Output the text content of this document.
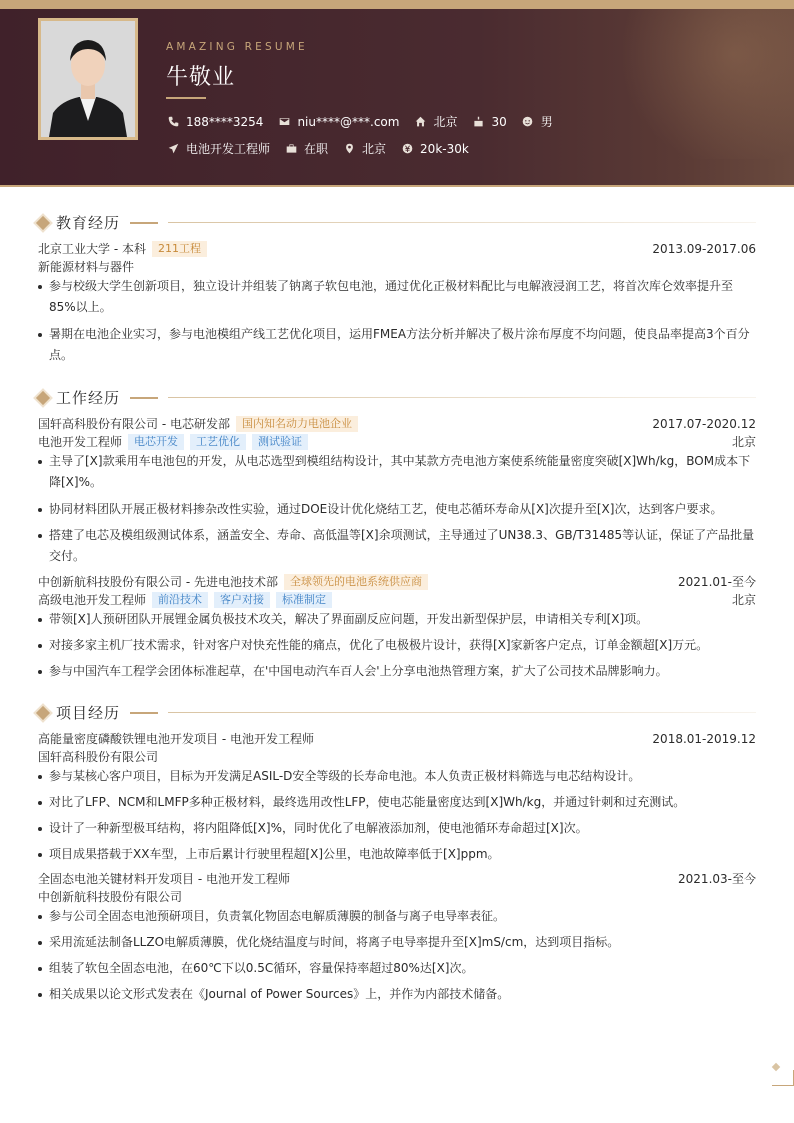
AMAZING RESUME
牛敬业
188****3254	niu****@***.com	北京	30	男
电池开发工程师	在职	北京	20k-30k
教育经历
北京工业大学 - 本科	211工程	2013.09-2017.06
新能源材料与器件
参与校级大学生创新项目，独立设计并组装了钠离子软包电池，通过优化正极材料配比与电解液浸润工艺，将首次库仑效率提升至85%以上。
暑期在电池企业实习，参与电池模组产线工艺优化项目，运用FMEA方法分析并解决了极片涂布厚度不均问题，使良品率提高3个百分点。
工作经历
国轩高科股份有限公司 - 电芯研发部	国内知名动力电池企业	2017.07-2020.12
电池开发工程师	电芯开发	工艺优化	测试验证	北京
主导了[X]款乘用车电池包的开发，从电芯选型到模组结构设计，其中某款方壳电池方案使系统能量密度突破[X]Wh/kg，BOM成本下降[X]%。
协同材料团队开展正极材料掺杂改性实验，通过DOE设计优化烧结工艺，使电芯循环寿命从[X]次提升至[X]次，达到客户要求。
搭建了电芯及模组级测试体系，涵盖安全、寿命、高低温等[X]余项测试，主导通过了UN38.3、GB/T31485等认证，保证了产品批量交付。
中创新航科技股份有限公司 - 先进电池技术部	全球领先的电池系统供应商	2021.01-至今
高级电池开发工程师	前沿技术	客户对接	标准制定	北京
带领[X]人预研团队开展锂金属负极技术攻关，解决了界面副反应问题，开发出新型保护层，申请相关专利[X]项。
对接多家主机厂技术需求，针对客户对快充性能的痛点，优化了电极极片设计，获得[X]家新客户定点，订单金额超[X]万元。
参与中国汽车工程学会团体标准起草，在'中国电动汽车百人会'上分享电池热管理方案，扩大了公司技术品牌影响力。
项目经历
高能量密度磷酸铁锂电池开发项目 - 电池开发工程师	2018.01-2019.12
国轩高科股份有限公司
参与某核心客户项目，目标为开发满足ASIL-D安全等级的长寿命电池。本人负责正极材料筛选与电芯结构设计。
对比了LFP、NCM和LMFP多种正极材料，最终选用改性LFP，使电芯能量密度达到[X]Wh/kg，并通过针刺和过充测试。
设计了一种新型极耳结构，将内阻降低[X]%，同时优化了电解液添加剂，使电池循环寿命超过[X]次。
项目成果搭载于XX车型，上市后累计行驶里程超[X]公里，电池故障率低于[X]ppm。
全固态电池关键材料开发项目 - 电池开发工程师	2021.03-至今
中创新航科技股份有限公司
参与公司全固态电池预研项目，负责氧化物固态电解质薄膜的制备与离子电导率表征。
采用流延法制备LLZO电解质薄膜，优化烧结温度与时间，将离子电导率提升至[X]mS/cm，达到项目指标。
组装了软包全固态电池，在60℃下以0.5C循环，容量保持率超过80%达[X]次。
相关成果以论文形式发表在《Journal of Power Sources》上，并作为内部技术储备。
